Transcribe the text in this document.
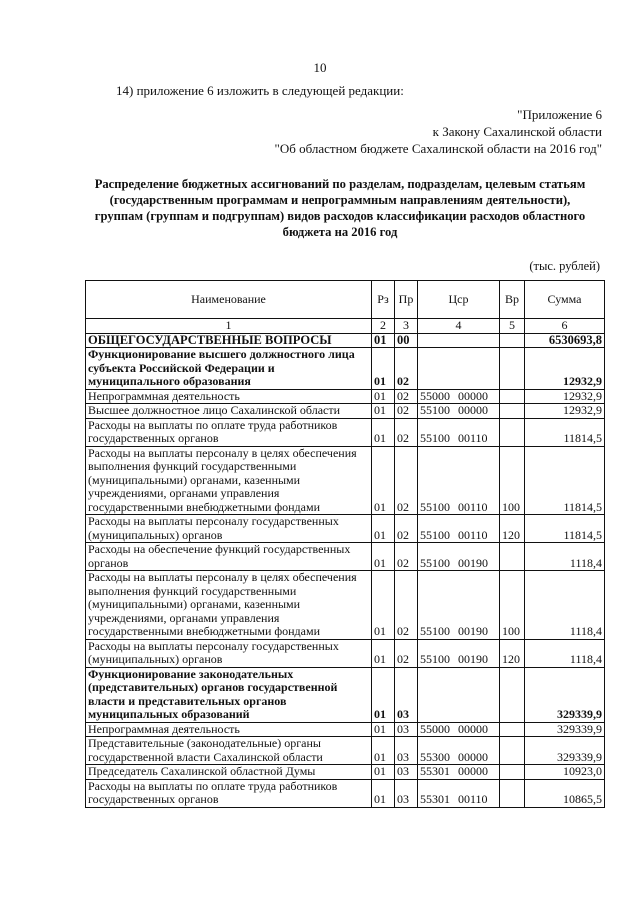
10
14) приложение 6 изложить в следующей редакции:
"Приложение 6
к Закону Сахалинской области
"Об областном бюджете Сахалинской области на 2016 год"
Распределение бюджетных ассигнований по разделам, подразделам, целевым статьям
(государственным программам и непрограммным направлениям деятельности),
группам (группам и подгруппам) видов расходов классификации расходов областного
бюджета на 2016 год
(тыс. рублей)
Наименование	Рз	Пр	Цср	Вр	Сумма
1	2	3	4	5	6
ОБЩЕГОСУДАРСТВЕННЫЕ ВОПРОСЫ	01	00			6530693,8
Функционирование высшего должностного лица субъекта Российской Федерации и муниципального образования	01	02			12932,9
Непрограммная деятельность	01	02	55000 00000		12932,9
Высшее должностное лицо Сахалинской области	01	02	55100 00000		12932,9
Расходы на выплаты по оплате труда работников государственных органов	01	02	55100 00110		11814,5
Расходы на выплаты персоналу в целях обеспечения выполнения функций государственными (муниципальными) органами, казенными учреждениями, органами управления государственными внебюджетными фондами	01	02	55100 00110	100	11814,5
Расходы на выплаты персоналу государственных (муниципальных) органов	01	02	55100 00110	120	11814,5
Расходы на обеспечение функций государственных органов	01	02	55100 00190		1118,4
Расходы на выплаты персоналу в целях обеспечения выполнения функций государственными (муниципальными) органами, казенными учреждениями, органами управления государственными внебюджетными фондами	01	02	55100 00190	100	1118,4
Расходы на выплаты персоналу государственных (муниципальных) органов	01	02	55100 00190	120	1118,4
Функционирование законодательных (представительных) органов государственной власти и представительных органов муниципальных образований	01	03			329339,9
Непрограммная деятельность	01	03	55000 00000		329339,9
Представительные (законодательные) органы государственной власти Сахалинской области	01	03	55300 00000		329339,9
Председатель Сахалинской областной Думы	01	03	55301 00000		10923,0
Расходы на выплаты по оплате труда работников государственных органов	01	03	55301 00110		10865,5
